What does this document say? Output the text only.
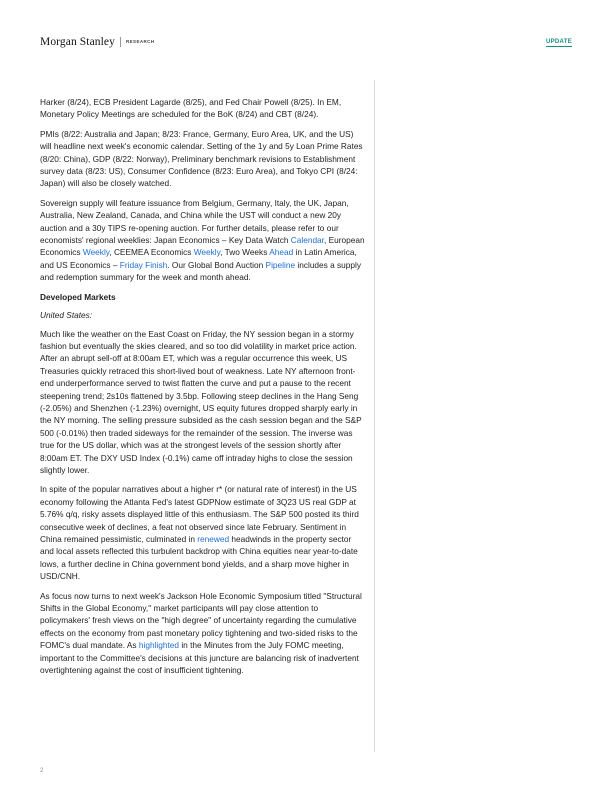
Morgan Stanley RESEARCH	UPDATE

Harker (8/24), ECB President Lagarde (8/25), and Fed Chair Powell (8/25). In EM, Monetary Policy Meetings are scheduled for the BoK (8/24) and CBT (8/24).

PMIs (8/22: Australia and Japan; 8/23: France, Germany, Euro Area, UK, and the US) will headline next week's economic calendar. Setting of the 1y and 5y Loan Prime Rates (8/20: China), GDP (8/22: Norway), Preliminary benchmark revisions to Establishment survey data (8/23: US), Consumer Confidence (8/23: Euro Area), and Tokyo CPI (8/24: Japan) will also be closely watched.

Sovereign supply will feature issuance from Belgium, Germany, Italy, the UK, Japan, Australia, New Zealand, Canada, and China while the UST will conduct a new 20y auction and a 30y TIPS re-opening auction. For further details, please refer to our economists' regional weeklies: Japan Economics – Key Data Watch Calendar, European Economics Weekly, CEEMEA Economics Weekly, Two Weeks Ahead in Latin America, and US Economics – Friday Finish. Our Global Bond Auction Pipeline includes a supply and redemption summary for the week and month ahead.

Developed Markets

United States:

Much like the weather on the East Coast on Friday, the NY session began in a stormy fashion but eventually the skies cleared, and so too did volatility in market price action. After an abrupt sell-off at 8:00am ET, which was a regular occurrence this week, US Treasuries quickly retraced this short-lived bout of weakness. Late NY afternoon front-end underperformance served to twist flatten the curve and put a pause to the recent steepening trend; 2s10s flattened by 3.5bp. Following steep declines in the Hang Seng (-2.05%) and Shenzhen (-1.23%) overnight, US equity futures dropped sharply early in the NY morning. The selling pressure subsided as the cash session began and the S&P 500 (-0.01%) then traded sideways for the remainder of the session. The inverse was true for the US dollar, which was at the strongest levels of the session shortly after 8:00am ET. The DXY USD Index (-0.1%) came off intraday highs to close the session slightly lower.

In spite of the popular narratives about a higher r* (or natural rate of interest) in the US economy following the Atlanta Fed's latest GDPNow estimate of 3Q23 US real GDP at 5.76% q/q, risky assets displayed little of this enthusiasm. The S&P 500 posted its third consecutive week of declines, a feat not observed since late February. Sentiment in China remained pessimistic, culminated in renewed headwinds in the property sector and local assets reflected this turbulent backdrop with China equities near year-to-date lows, a further decline in China government bond yields, and a sharp move higher in USD/CNH.

As focus now turns to next week's Jackson Hole Economic Symposium titled "Structural Shifts in the Global Economy," market participants will pay close attention to policymakers' fresh views on the "high degree" of uncertainty regarding the cumulative effects on the economy from past monetary policy tightening and two-sided risks to the FOMC's dual mandate. As highlighted in the Minutes from the July FOMC meeting, important to the Committee's decisions at this juncture are balancing risk of inadvertent overtightening against the cost of insufficient tightening.

2
